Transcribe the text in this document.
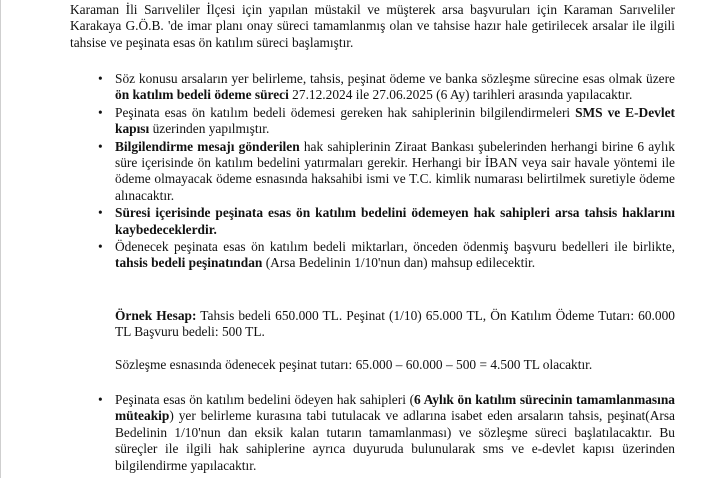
Karaman İli Sarıveliler İlçesi için yapılan müstakil ve müşterek arsa başvuruları için Karaman Sarıveliler Karakaya G.Ö.B. 'de imar planı onay süreci tamamlanmış olan ve tahsise hazır hale getirilecek arsalar ile ilgili tahsise ve peşinata esas ön katılım süreci başlamıştır.

• Söz konusu arsaların yer belirleme, tahsis, peşinat ödeme ve banka sözleşme sürecine esas olmak üzere ön katılım bedeli ödeme süreci 27.12.2024 ile 27.06.2025 (6 Ay) tarihleri arasında yapılacaktır.
• Peşinata esas ön katılım bedeli ödemesi gereken hak sahiplerinin bilgilendirmeleri SMS ve E-Devlet kapısı üzerinden yapılmıştır.
• Bilgilendirme mesajı gönderilen hak sahiplerinin Ziraat Bankası şubelerinden herhangi birine 6 aylık süre içerisinde ön katılım bedelini yatırmaları gerekir. Herhangi bir İBAN veya sair havale yöntemi ile ödeme olmayacak ödeme esnasında haksahibi ismi ve T.C. kimlik numarası belirtilmek suretiyle ödeme alınacaktır.
• Süresi içerisinde peşinata esas ön katılım bedelini ödemeyen hak sahipleri arsa tahsis haklarını kaybedeceklerdir.
• Ödenecek peşinata esas ön katılım bedeli miktarları, önceden ödenmiş başvuru bedelleri ile birlikte, tahsis bedeli peşinatından (Arsa Bedelinin 1/10'nun dan) mahsup edilecektir.

Örnek Hesap: Tahsis bedeli 650.000 TL. Peşinat (1/10) 65.000 TL, Ön Katılım Ödeme Tutarı: 60.000 TL Başvuru bedeli: 500 TL.

Sözleşme esnasında ödenecek peşinat tutarı: 65.000 – 60.000 – 500 = 4.500 TL olacaktır.

• Peşinata esas ön katılım bedelini ödeyen hak sahipleri (6 Aylık ön katılım sürecinin tamamlanmasına müteakip) yer belirleme kurasına tabi tutulacak ve adlarına isabet eden arsaların tahsis, peşinat(Arsa Bedelinin 1/10'nun dan eksik kalan tutarın tamamlanması) ve sözleşme süreci başlatılacaktır. Bu süreçler ile ilgili hak sahiplerine ayrıca duyuruda bulunularak sms ve e-devlet kapısı üzerinden bilgilendirme yapılacaktır.
